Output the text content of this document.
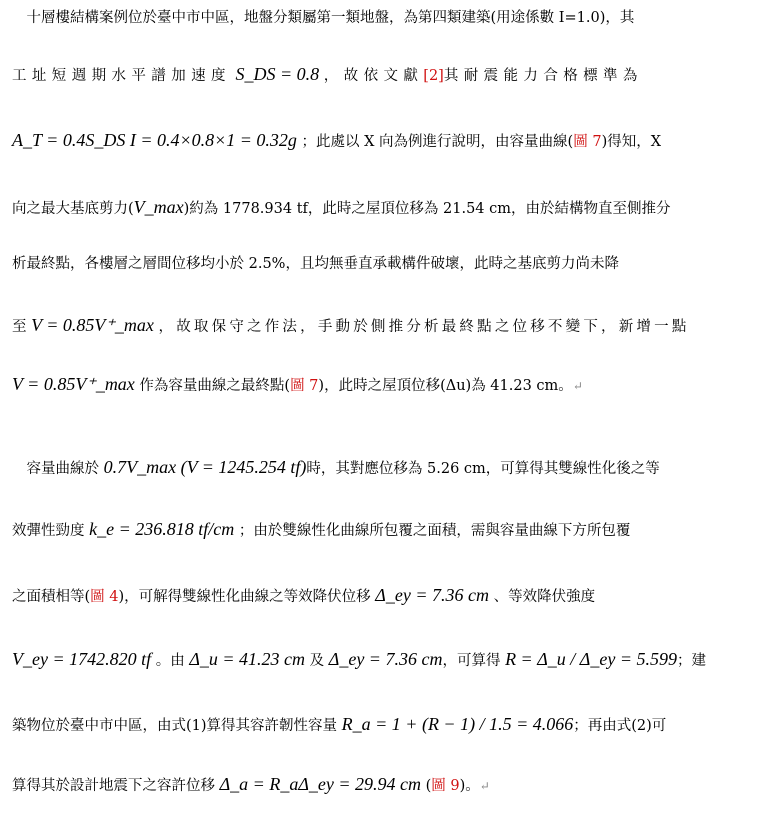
　十層樓結構案例位於臺中市中區，地盤分類屬第一類地盤，為第四類建築(用途係數 I=1.0)，其
工址短週期水平譜加速度 S_DS = 0.8 ，故依文獻[2]其耐震能力合格標準為
A_T = 0.4S_DS I = 0.4×0.8×1 = 0.32g ；此處以 X 向為例進行說明，由容量曲線(圖 7)得知，X
向之最大基底剪力(V_max)約為 1778.934 tf，此時之屋頂位移為 21.54 cm，由於結構物直至側推分
析最終點，各樓層之層間位移均小於 2.5%，且均無垂直承載構件破壞，此時之基底剪力尚未降
至 V = 0.85V⁺_max ，故取保守之作法，手動於側推分析最終點之位移不變下，新增一點
V = 0.85V⁺_max 作為容量曲線之最終點(圖 7)，此時之屋頂位移(Δu)為 41.23 cm。↵
　容量曲線於 0.7V_max (V = 1245.254 tf)時，其對應位移為 5.26 cm，可算得其雙線性化後之等
效彈性勁度 k_e = 236.818 tf/cm ；由於雙線性化曲線所包覆之面積，需與容量曲線下方所包覆
之面積相等(圖 4)，可解得雙線性化曲線之等效降伏位移 Δ_ey = 7.36 cm 、等效降伏強度
V_ey = 1742.820 tf 。由 Δ_u = 41.23 cm 及 Δ_ey = 7.36 cm，可算得 R = Δ_u / Δ_ey = 5.599；建
築物位於臺中市中區，由式(1)算得其容許韌性容量 R_a = 1 + (R − 1) / 1.5 = 4.066；再由式(2)可
算得其於設計地震下之容許位移 Δ_a = R_aΔ_ey = 29.94 cm (圖 9)。↵
